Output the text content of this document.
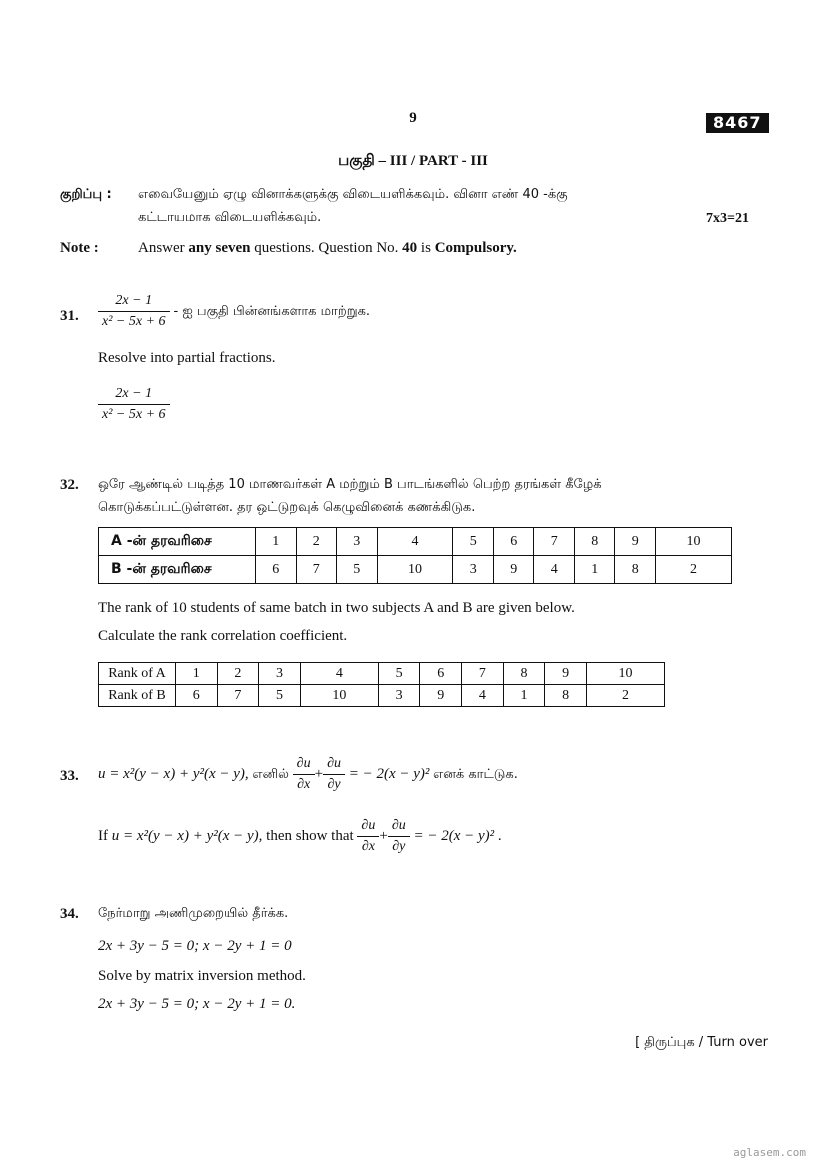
9	8467
பகுதி – III / PART - III
குறிப்பு : எவையேனும் ஏழு வினாக்களுக்கு விடையளிக்கவும். வினா எண் 40 -க்கு
கட்டாயமாக விடையளிக்கவும்.	7x3=21
Note :	Answer any seven questions. Question No. 40 is Compulsory.
31. $\frac{2x - 1}{\text{x² − 5x + 6}}$ - ஐ பகுதி பின்னங்களாக மாற்றுக.
Resolve into partial fractions.
$\frac{2x - 1}{\text{x² − 5x + 6}}$
32. ஒரே ஆண்டில் படித்த 10 மாணவர்கள் A மற்றும் B பாடங்களில் பெற்ற தரங்கள் கீழேக்
கொடுக்கப்பட்டுள்ளன. தர ஒட்டுறவுக் கெழுவினைக் கணக்கிடுக.
A -ன் தரவரிசை	1	2	3	4	5	6	7	8	9	10
B -ன் தரவரிசை	6	7	5	10	3	9	4	1	8	2
The rank of 10 students of same batch in two subjects A and B are given below.
Calculate the rank correlation coefficient.
Rank of A	1	2	3	4	5	6	7	8	9	10
Rank of B	6	7	5	10	3	9	4	1	8	2
33. u = x²(y − x) + y²(x − y), எனில் $\frac{\partial u}{\partial x} + \frac{\partial u}{\partial y}$ = − 2(x − y)² எனக் காட்டுக.
If u = x²(y − x) + y²(x − y), then show that $\frac{\partial u}{\partial x} + \frac{\partial u}{\partial y}$ = − 2(x − y)² .
34. நேர்மாறு அணிமுறையில் தீர்க்க.
2x + 3y − 5 = 0; x − 2y + 1 = 0
Solve by matrix inversion method.
2x + 3y − 5 = 0; x − 2y + 1 = 0.
[ திருப்புக / Turn over
aglasem.com
